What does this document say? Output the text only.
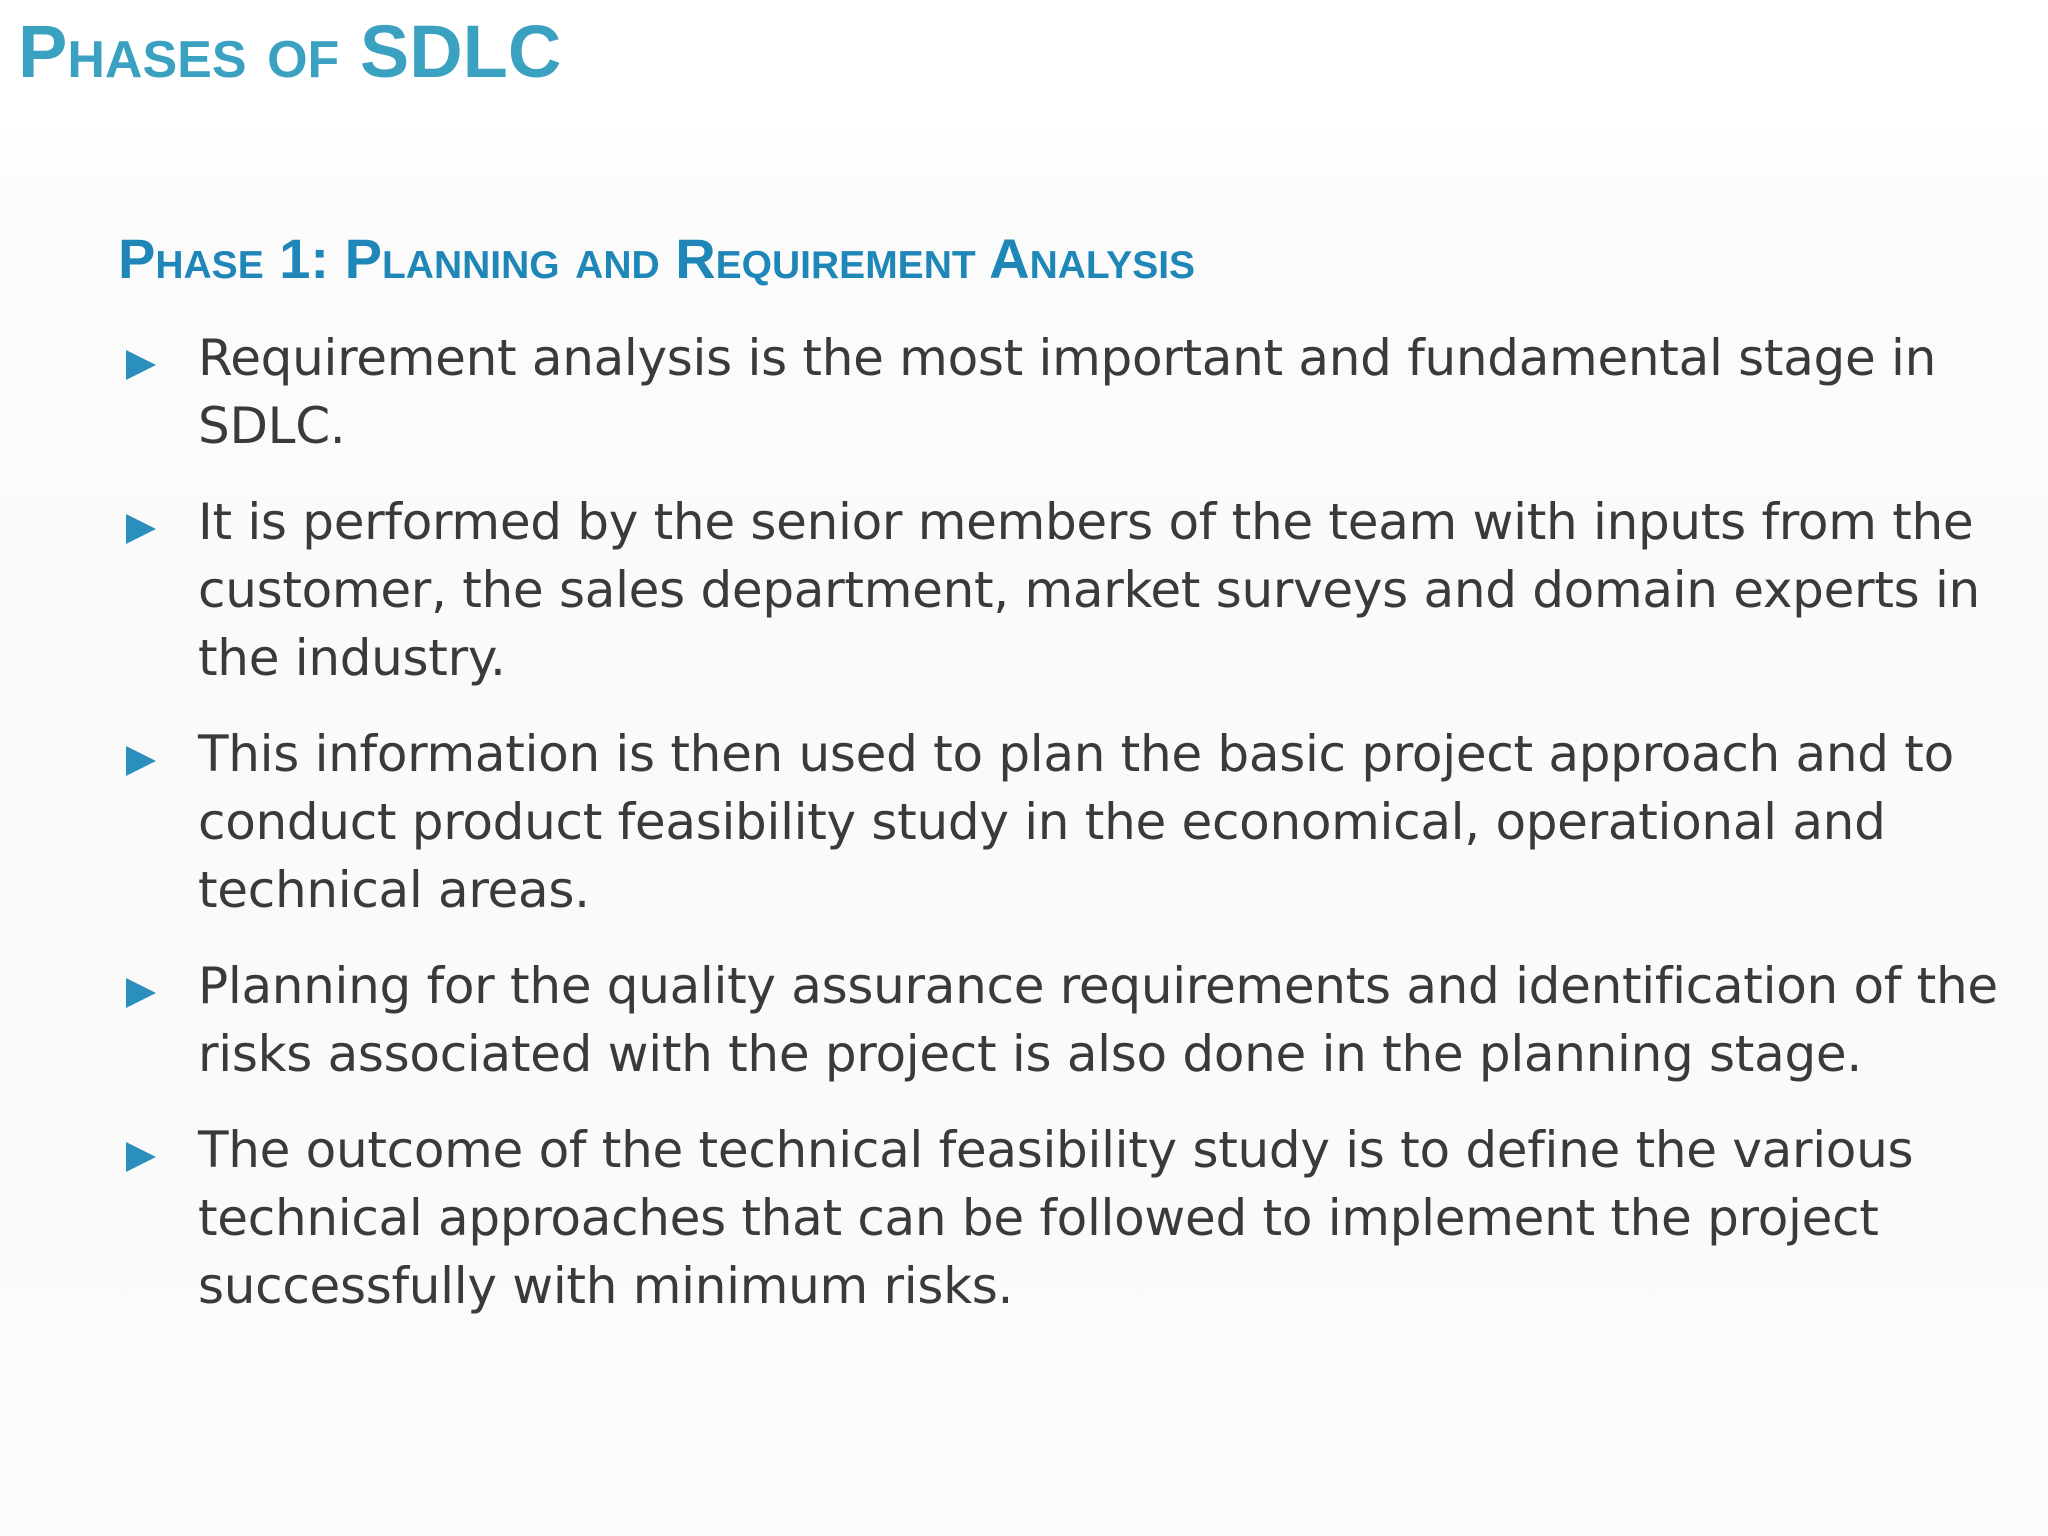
Phases of SDLC
Phase 1: Planning and Requirement Analysis
Requirement analysis is the most important and fundamental stage in SDLC.
It is performed by the senior members of the team with inputs from the customer, the sales department, market surveys and domain experts in the industry.
This information is then used to plan the basic project approach and to conduct product feasibility study in the economical, operational and technical areas.
Planning for the quality assurance requirements and identification of the risks associated with the project is also done in the planning stage.
The outcome of the technical feasibility study is to define the various technical approaches that can be followed to implement the project successfully with minimum risks.
